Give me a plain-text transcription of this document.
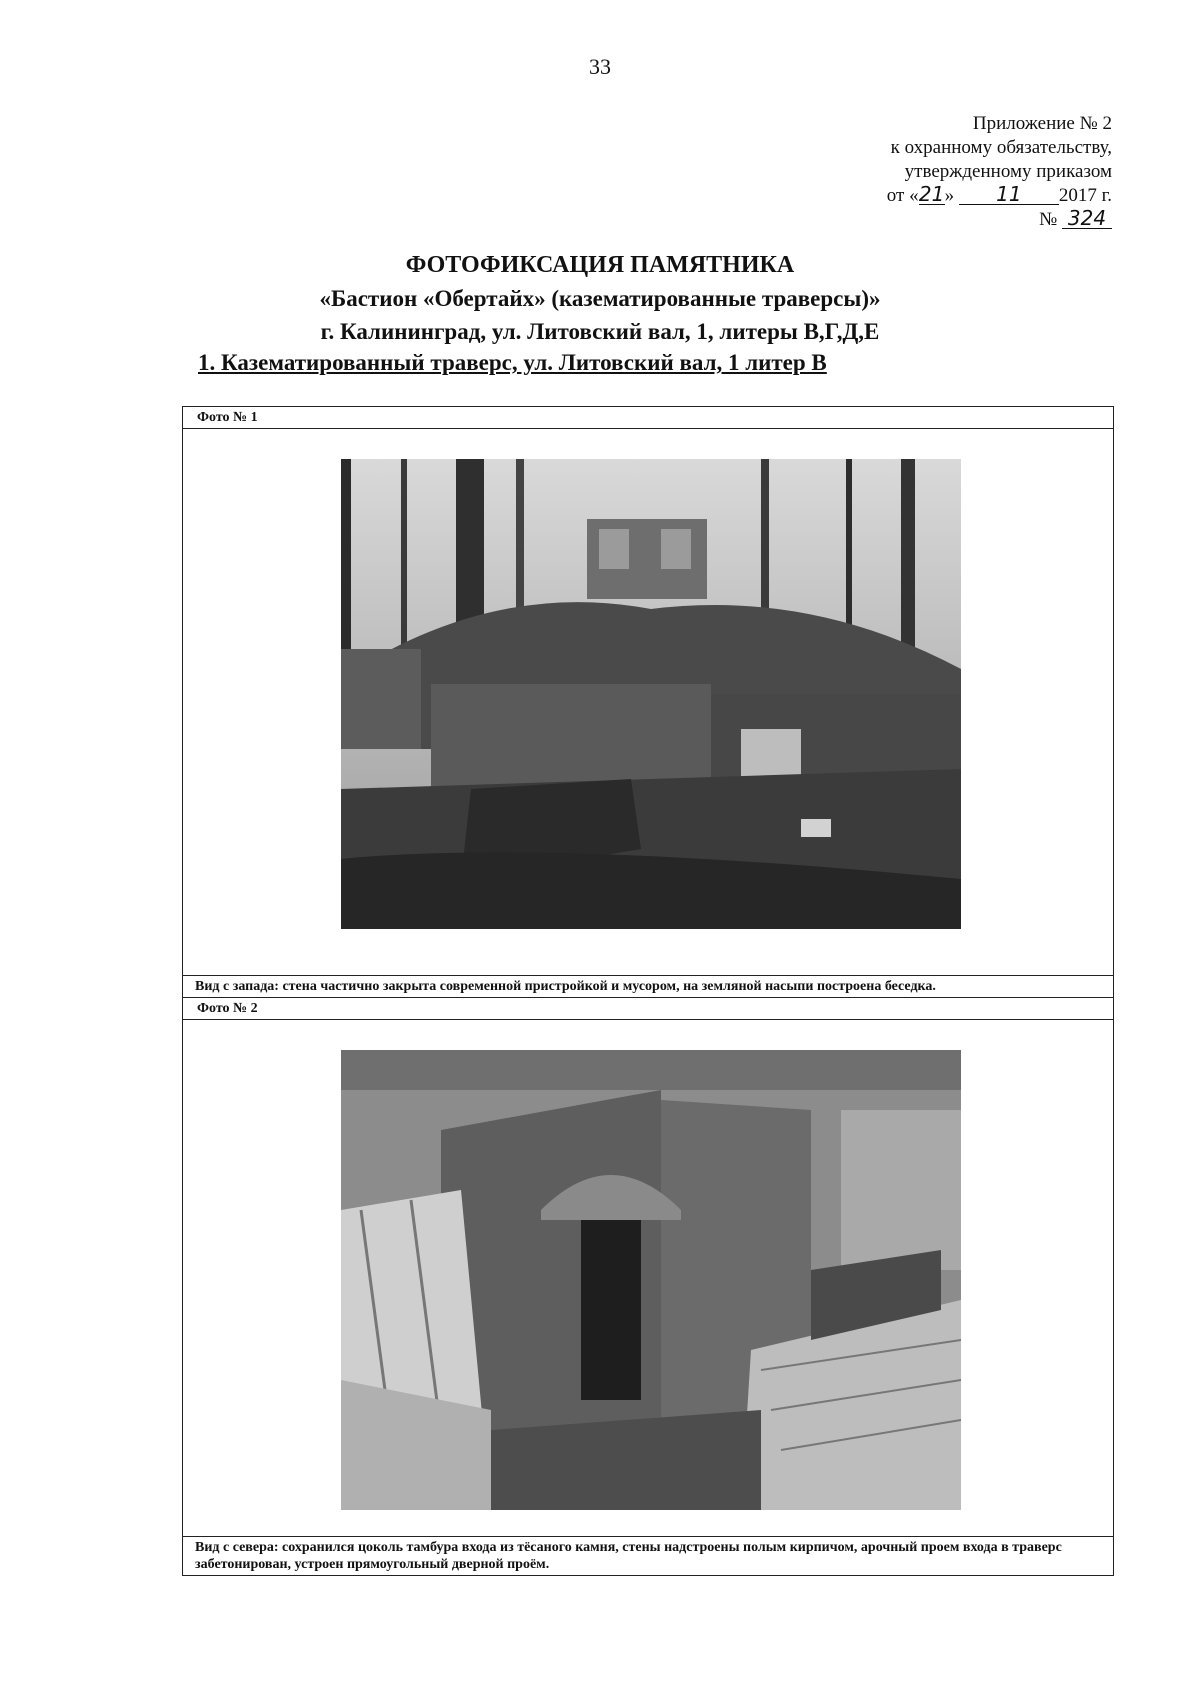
33
Приложение № 2
к охранному обязательству,
утвержденному приказом
от «21» 11 2017 г.
№ 324
ФОТОФИКСАЦИЯ ПАМЯТНИКА
«Бастион «Обертайх» (казематированные траверсы)»
г. Калининград, ул. Литовский вал, 1, литеры В,Г,Д,Е
1. Казематированный траверс, ул. Литовский вал, 1 литер В
Фото № 1
Вид с запада: стена частично закрыта современной пристройкой и мусором, на земляной насыпи построена беседка.
Фото № 2
Вид с севера: сохранился цоколь тамбура входа из тёсаного камня, стены надстроены полым кирпичом, арочный проем входа в траверс забетонирован, устроен прямоугольный дверной проём.
